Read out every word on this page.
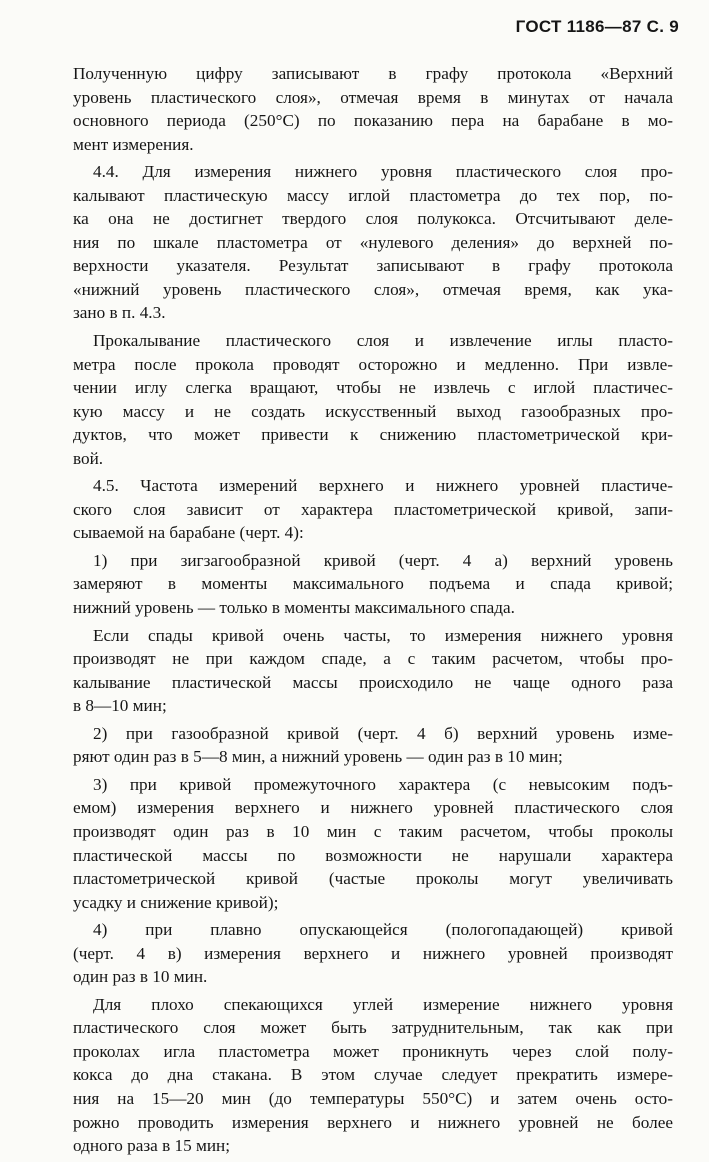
ГОСТ 1186—87 С. 9
Полученную цифру записывают в графу протокола «Верхний
уровень пластического слоя», отмечая время в минутах от начала
основного периода (250°С) по показанию пера на барабане в мо-
мент измерения.
4.4. Для измерения нижнего уровня пластического слоя про-
калывают пластическую массу иглой пластометра до тех пор, по-
ка она не достигнет твердого слоя полукокса. Отсчитывают деле-
ния по шкале пластометра от «нулевого деления» до верхней по-
верхности указателя. Результат записывают в графу протокола
«нижний уровень пластического слоя», отмечая время, как ука-
зано в п. 4.3.
Прокалывание пластического слоя и извлечение иглы пласто-
метра после прокола проводят осторожно и медленно. При извле-
чении иглу слегка вращают, чтобы не извлечь с иглой пластичес-
кую массу и не создать искусственный выход газообразных про-
дуктов, что может привести к снижению пластометрической кри-
вой.
4.5. Частота измерений верхнего и нижнего уровней пластиче-
ского слоя зависит от характера пластометрической кривой, запи-
сываемой на барабане (черт. 4):
1) при зигзагообразной кривой (черт. 4 а) верхний уровень
замеряют в моменты максимального подъема и спада кривой;
нижний уровень — только в моменты максимального спада.
Если спады кривой очень часты, то измерения нижнего уровня
производят не при каждом спаде, а с таким расчетом, чтобы про-
калывание пластической массы происходило не чаще одного раза
в 8—10 мин;
2) при газообразной кривой (черт. 4 б) верхний уровень изме-
ряют один раз в 5—8 мин, а нижний уровень — один раз в 10 мин;
3) при кривой промежуточного характера (с невысоким подъ-
емом) измерения верхнего и нижнего уровней пластического слоя
производят один раз в 10 мин с таким расчетом, чтобы проколы
пластической массы по возможности не нарушали характера
пластометрической кривой (частые проколы могут увеличивать
усадку и снижение кривой);
4) при плавно опускающейся (пологопадающей) кривой
(черт. 4 в) измерения верхнего и нижнего уровней производят
один раз в 10 мин.
Для плохо спекающихся углей измерение нижнего уровня
пластического слоя может быть затруднительным, так как при
проколах игла пластометра может проникнуть через слой полу-
кокса до дна стакана. В этом случае следует прекратить измере-
ния на 15—20 мин (до температуры 550°С) и затем очень осто-
рожно проводить измерения верхнего и нижнего уровней не более
одного раза в 15 мин;
